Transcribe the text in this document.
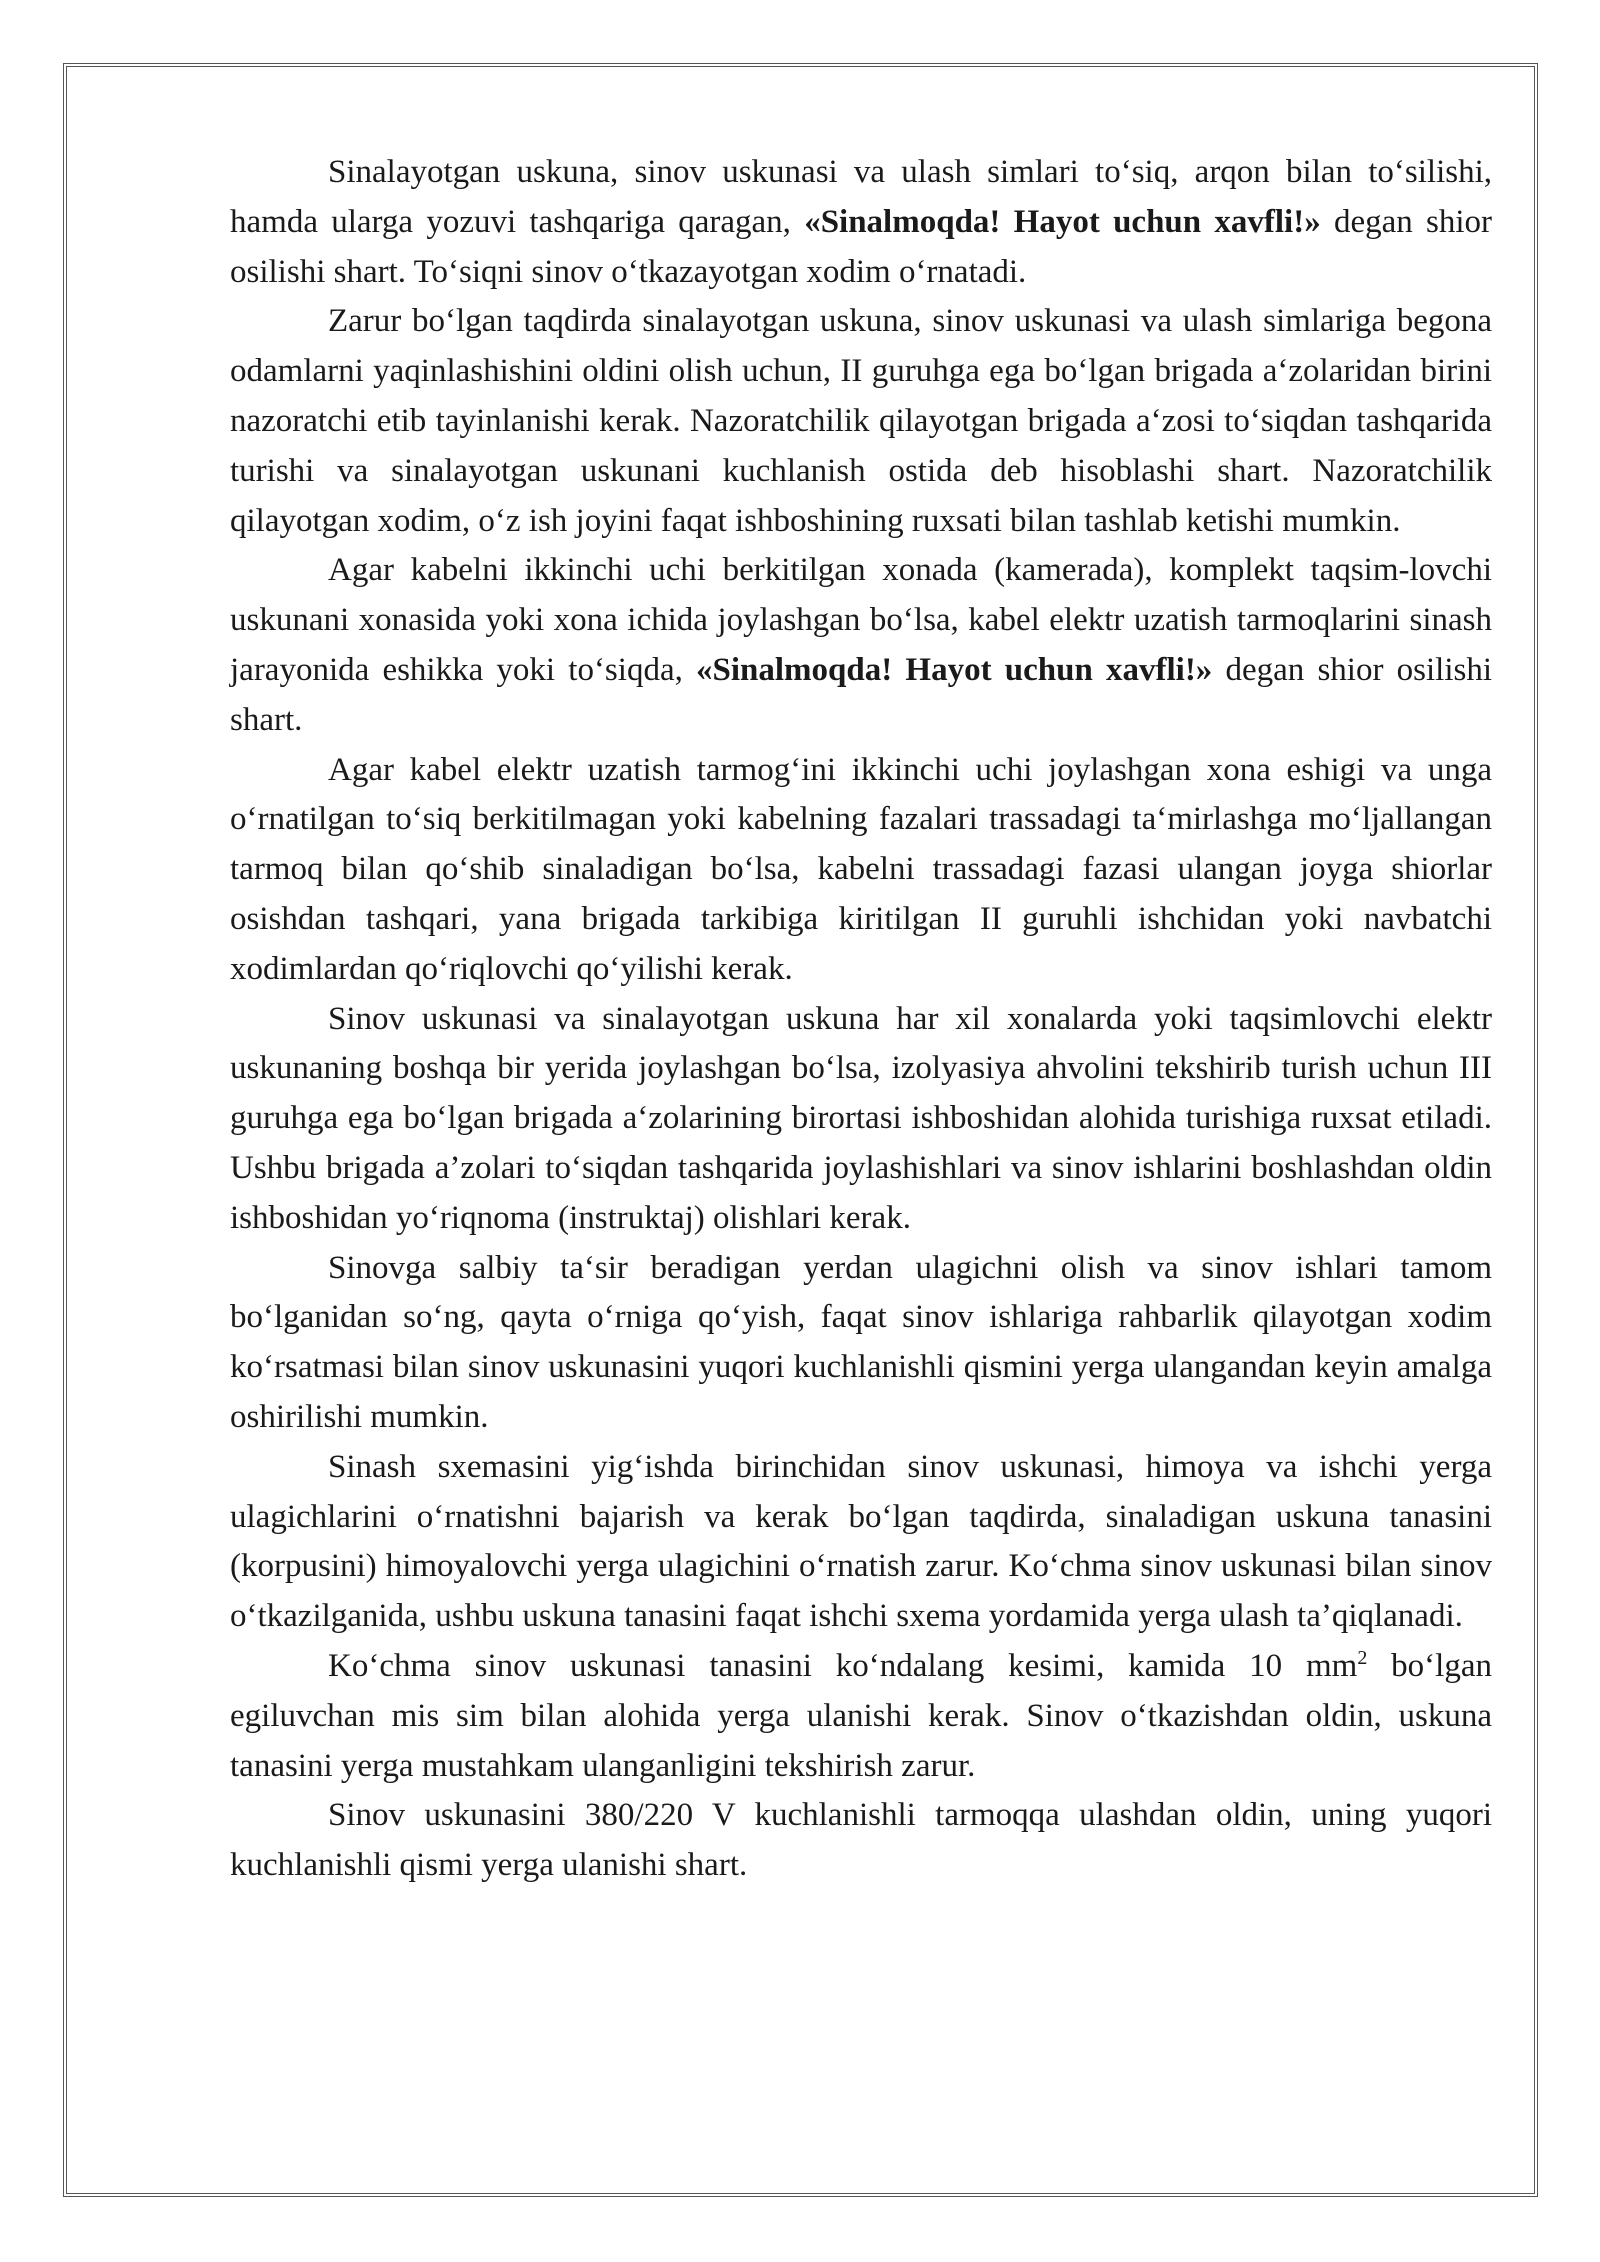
Sinalayotgan uskuna, sinov uskunasi va ulash simlari to‘siq, arqon bilan to‘silishi, hamda ularga yozuvi tashqariga qaragan, «Sinalmoqda! Hayot uchun xavfli!» degan shior osilishi shart. To‘siqni sinov o‘tkazayotgan xodim o‘rnatadi.

Zarur bo‘lgan taqdirda sinalayotgan uskuna, sinov uskunasi va ulash simlariga begona odamlarni yaqinlashishini oldini olish uchun, II guruhga ega bo‘lgan brigada a‘zolaridan birini nazoratchi etib tayinlanishi kerak. Nazoratchilik qilayotgan brigada a‘zosi to‘siqdan tashqarida turishi va sinalayotgan uskunani kuchlanish ostida deb hisoblashi shart. Nazoratchilik qilayotgan xodim, o‘z ish joyini faqat ishboshining ruxsati bilan tashlab ketishi mumkin.

Agar kabelni ikkinchi uchi berkitilgan xonada (kamerada), komplekt taqsim-lovchi uskunani xonasida yoki xona ichida joylashgan bo‘lsa, kabel elektr uzatish tarmoqlarini sinash jarayonida eshikka yoki to‘siqda, «Sinalmoqda! Hayot uchun xavfli!» degan shior osilishi shart.

Agar kabel elektr uzatish tarmog‘ini ikkinchi uchi joylashgan xona eshigi va unga o‘rnatilgan to‘siq berkitilmagan yoki kabelning fazalari trassadagi ta‘mirlashga mo‘ljallangan tarmoq bilan qo‘shib sinaladigan bo‘lsa, kabelni trassadagi fazasi ulangan joyga shiorlar osishdan tashqari, yana brigada tarkibiga kiritilgan II guruhli ishchidan yoki navbatchi xodimlardan qo‘riqlovchi qo‘yilishi kerak.

Sinov uskunasi va sinalayotgan uskuna har xil xonalarda yoki taqsimlovchi elektr uskunaning boshqa bir yerida joylashgan bo‘lsa, izolyasiya ahvolini tekshirib turish uchun III guruhga ega bo‘lgan brigada a‘zolarining birortasi ishboshidan alohida turishiga ruxsat etiladi. Ushbu brigada a’zolari to‘siqdan tashqarida joylashishlari va sinov ishlarini boshlashdan oldin ishboshidan yo‘riqnoma (instruktaj) olishlari kerak.

Sinovga salbiy ta‘sir beradigan yerdan ulagichni olish va sinov ishlari tamom bo‘lganidan so‘ng, qayta o‘rniga qo‘yish, faqat sinov ishlariga rahbarlik qilayotgan xodim ko‘rsatmasi bilan sinov uskunasini yuqori kuchlanishli qismini yerga ulangandan keyin amalga oshirilishi mumkin.

Sinash sxemasini yig‘ishda birinchidan sinov uskunasi, himoya va ishchi yerga ulagichlarini o‘rnatishni bajarish va kerak bo‘lgan taqdirda, sinaladigan uskuna tanasini (korpusini) himoyalovchi yerga ulagichini o‘rnatish zarur. Ko‘chma sinov uskunasi bilan sinov o‘tkazilganida, ushbu uskuna tanasini faqat ishchi sxema yordamida yerga ulash ta’qiqlanadi.

Ko‘chma sinov uskunasi tanasini ko‘ndalang kesimi, kamida 10 $mm^2$ bo‘lgan egiluvchan mis sim bilan alohida yerga ulanishi kerak. Sinov o‘tkazishdan oldin, uskuna tanasini yerga mustahkam ulanganligini tekshirish zarur.

Sinov uskunasini 380/220 V kuchlanishli tarmoqqa ulashdan oldin, uning yuqori kuchlanishli qismi yerga ulanishi shart.
